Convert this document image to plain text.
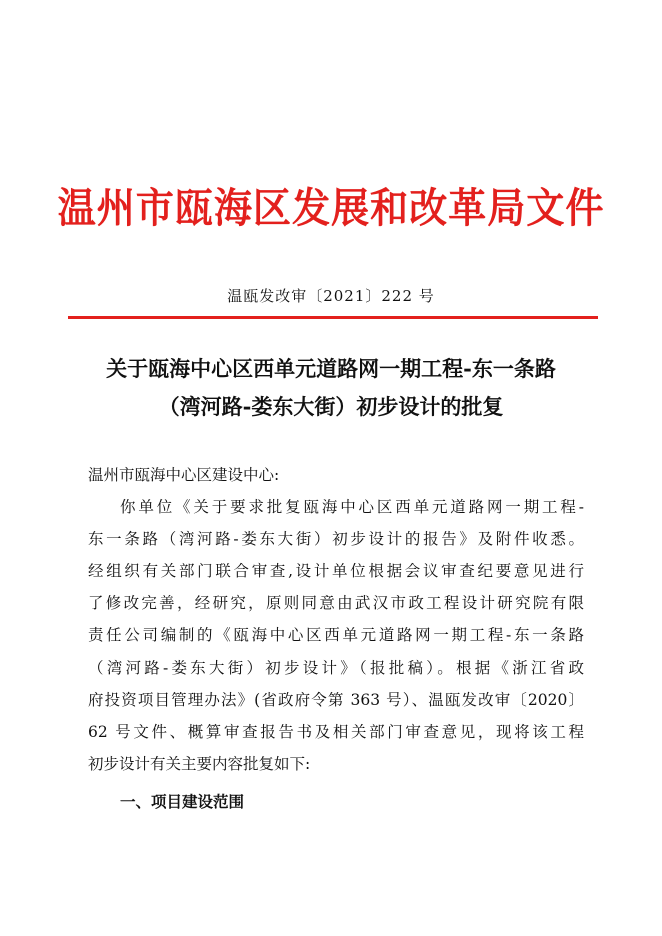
温州市瓯海区发展和改革局文件
温瓯发改审〔2021〕222 号
关于瓯海中心区西单元道路网一期工程-东一条路
（湾河路-娄东大街）初步设计的批复
温州市瓯海中心区建设中心:
你单位《关于要求批复瓯海中心区西单元道路网一期工程-
东一条路（湾河路-娄东大街）初步设计的报告》及附件收悉。
经组织有关部门联合审查,设计单位根据会议审查纪要意见进行
了修改完善，经研究，原则同意由武汉市政工程设计研究院有限
责任公司编制的《瓯海中心区西单元道路网一期工程-东一条路
（湾河路-娄东大街）初步设计》（报批稿）。根据《浙江省政
府投资项目管理办法》(省政府令第 363 号）、温瓯发改审〔2020〕
62 号文件、概算审查报告书及相关部门审查意见，现将该工程
初步设计有关主要内容批复如下:
一、项目建设范围
